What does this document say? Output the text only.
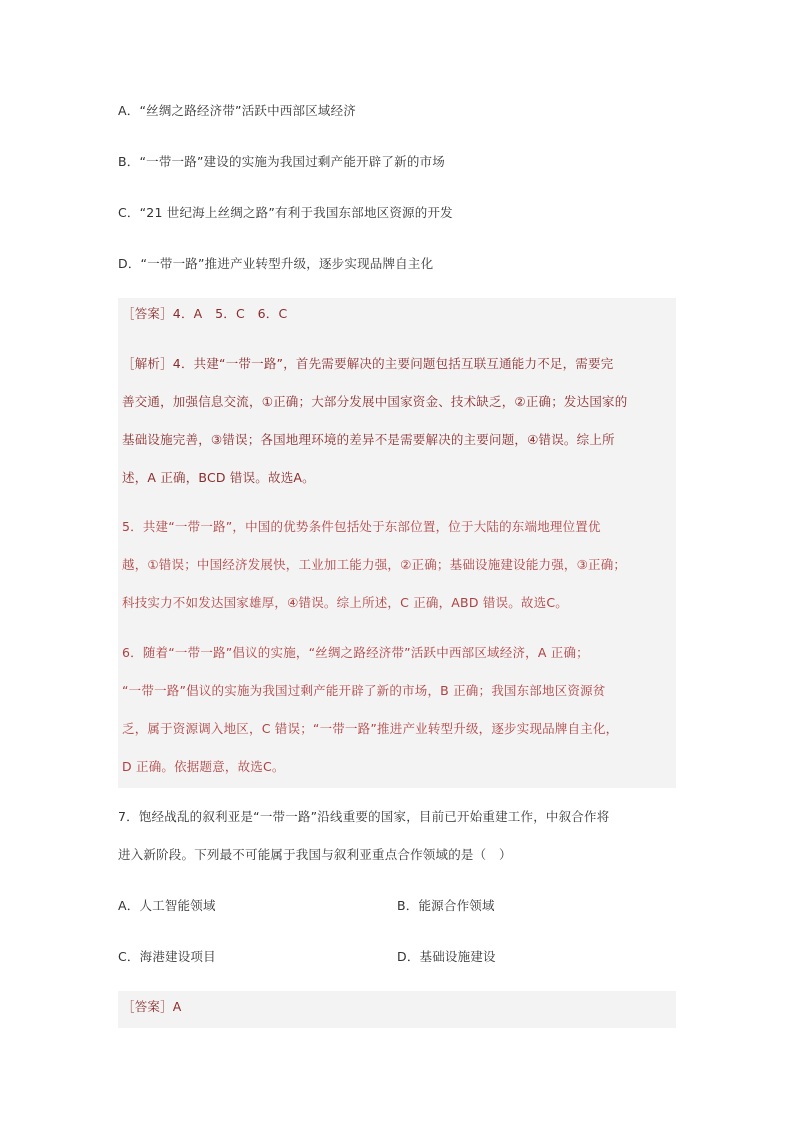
A．“丝绸之路经济带”活跃中西部区域经济
B．“一带一路”建设的实施为我国过剩产能开辟了新的市场
C．“21 世纪海上丝绸之路”有利于我国东部地区资源的开发
D．“一带一路”推进产业转型升级，逐步实现品牌自主化
［答案］4．A　5．C　6．C
［解析］4．共建“一带一路”，首先需要解决的主要问题包括互联互通能力不足，需要完
善交通，加强信息交流，①正确；大部分发展中国家资金、技术缺乏，②正确；发达国家的
基础设施完善，③错误；各国地理环境的差异不是需要解决的主要问题，④错误。综上所
述，A 正确，BCD 错误。故选A。
5．共建“一带一路”，中国的优势条件包括处于东部位置，位于大陆的东端地理位置优
越，①错误；中国经济发展快，工业加工能力强，②正确；基础设施建设能力强，③正确；
科技实力不如发达国家雄厚，④错误。综上所述，C 正确，ABD 错误。故选C。
6．随着“一带一路”倡议的实施，“丝绸之路经济带”活跃中西部区域经济，A 正确；
“一带一路”倡议的实施为我国过剩产能开辟了新的市场，B 正确；我国东部地区资源贫
乏，属于资源调入地区，C 错误；“一带一路”推进产业转型升级，逐步实现品牌自主化，
D 正确。依据题意，故选C。
7．饱经战乱的叙利亚是“一带一路”沿线重要的国家，目前已开始重建工作，中叙合作将
进入新阶段。下列最不可能属于我国与叙利亚重点合作领域的是（　）
A．人工智能领域	B．能源合作领域
C．海港建设项目	D．基础设施建设
［答案］A
